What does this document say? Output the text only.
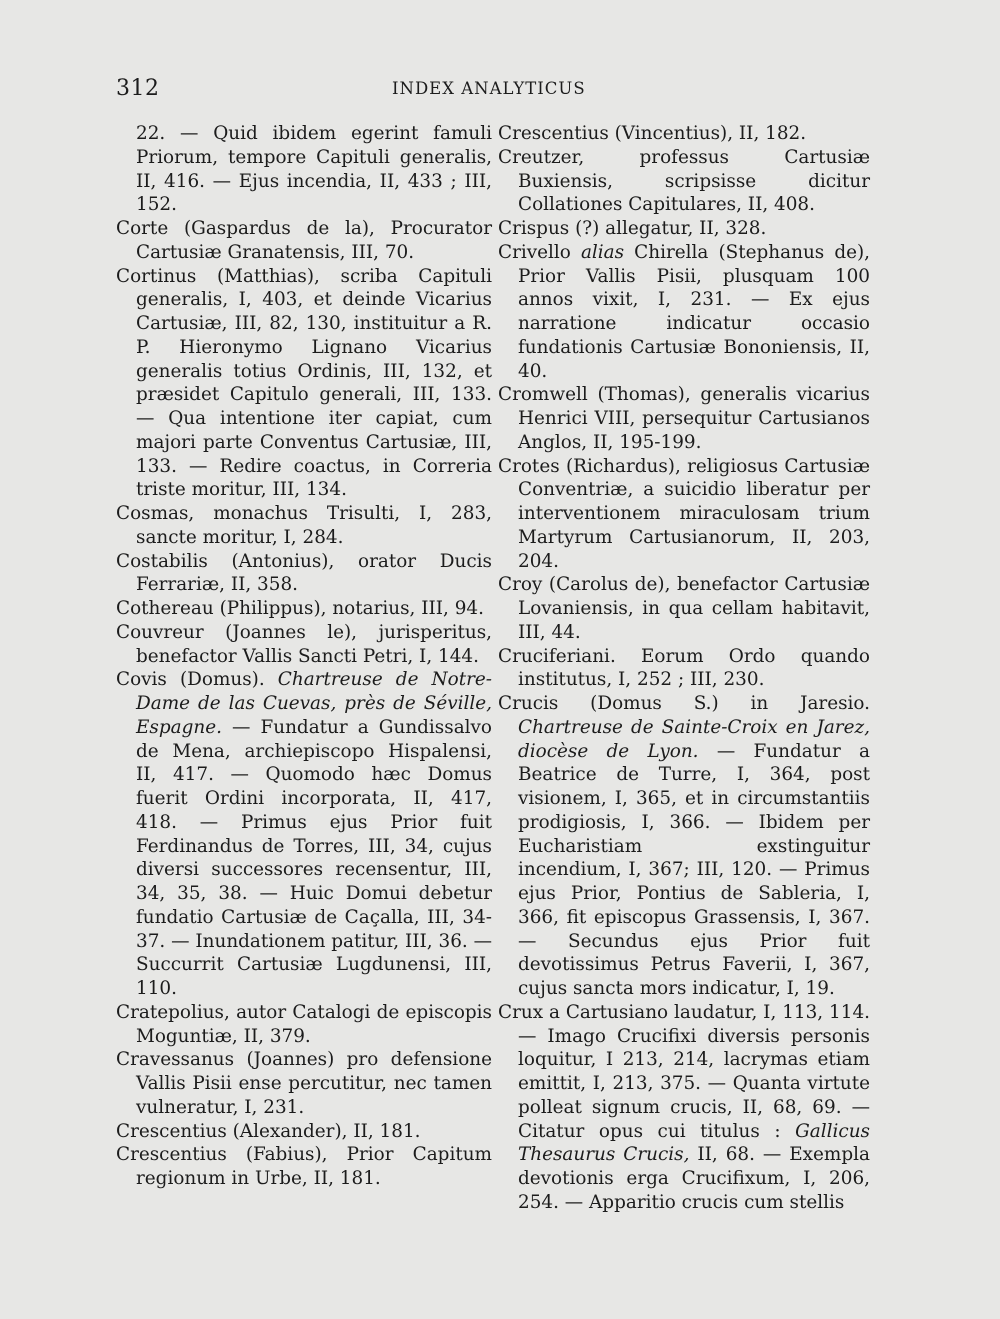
312	INDEX ANALYTICUS

22. — Quid ibidem egerint famuli Priorum, tempore Capituli generalis, II, 416. — Ejus incendia, II, 433 ; III, 152.

Corte (Gaspardus de la), Procurator Cartusiæ Granatensis, III, 70.

Cortinus (Matthias), scriba Capituli generalis, I, 403, et deinde Vicarius Cartusiæ, III, 82, 130, instituitur a R. P. Hieronymo Lignano Vicarius generalis totius Ordinis, III, 132, et præsidet Capitulo generali, III, 133. — Qua intentione iter capiat, cum majori parte Conventus Cartusiæ, III, 133. — Redire coactus, in Correria triste moritur, III, 134.

Cosmas, monachus Trisulti, I, 283, sancte moritur, I, 284.

Costabilis (Antonius), orator Ducis Ferrariæ, II, 358.

Cothereau (Philippus), notarius, III, 94.

Couvreur (Joannes le), jurisperitus, benefactor Vallis Sancti Petri, I, 144.

Covis (Domus). Chartreuse de Notre-Dame de las Cuevas, près de Séville, Espagne. — Fundatur a Gundissalvo de Mena, archiepiscopo Hispalensi, II, 417. — Quomodo hæc Domus fuerit Ordini incorporata, II, 417, 418. — Primus ejus Prior fuit Ferdinandus de Torres, III, 34, cujus diversi successores recensentur, III, 34, 35, 38. — Huic Domui debetur fundatio Cartusiæ de Caçalla, III, 34-37. — Inundationem patitur, III, 36. — Succurrit Cartusiæ Lugdunensi, III, 110.

Cratepolius, autor Catalogi de episcopis Moguntiæ, II, 379.

Cravessanus (Joannes) pro defensione Vallis Pisii ense percutitur, nec tamen vulneratur, I, 231.

Crescentius (Alexander), II, 181.

Crescentius (Fabius), Prior Capitum regionum in Urbe, II, 181.

Crescentius (Vincentius), II, 182.

Creutzer, professus Cartusiæ Buxiensis, scripsisse dicitur Collationes Capitulares, II, 408.

Crispus (?) allegatur, II, 328.

Crivello alias Chirella (Stephanus de), Prior Vallis Pisii, plusquam 100 annos vixit, I, 231. — Ex ejus narratione indicatur occasio fundationis Cartusiæ Bononiensis, II, 40.

Cromwell (Thomas), generalis vicarius Henrici VIII, persequitur Cartusianos Anglos, II, 195-199.

Crotes (Richardus), religiosus Cartusiæ Conventriæ, a suicidio liberatur per interventionem miraculosam trium Martyrum Cartusianorum, II, 203, 204.

Croy (Carolus de), benefactor Cartusiæ Lovaniensis, in qua cellam habitavit, III, 44.

Cruciferiani. Eorum Ordo quando institutus, I, 252 ; III, 230.

Crucis (Domus S.) in Jaresio. Chartreuse de Sainte-Croix en Jarez, diocèse de Lyon. — Fundatur a Beatrice de Turre, I, 364, post visionem, I, 365, et in circumstantiis prodigiosis, I, 366. — Ibidem per Eucharistiam exstinguitur incendium, I, 367; III, 120. — Primus ejus Prior, Pontius de Sableria, I, 366, fit episcopus Grassensis, I, 367. — Secundus ejus Prior fuit devotissimus Petrus Faverii, I, 367, cujus sancta mors indicatur, I, 19.

Crux a Cartusiano laudatur, I, 113, 114. — Imago Crucifixi diversis personis loquitur, I 213, 214, lacrymas etiam emittit, I, 213, 375. — Quanta virtute polleat signum crucis, II, 68, 69. — Citatur opus cui titulus : Gallicus Thesaurus Crucis, II, 68. — Exempla devotionis erga Crucifixum, I, 206, 254. — Apparitio crucis cum stellis
